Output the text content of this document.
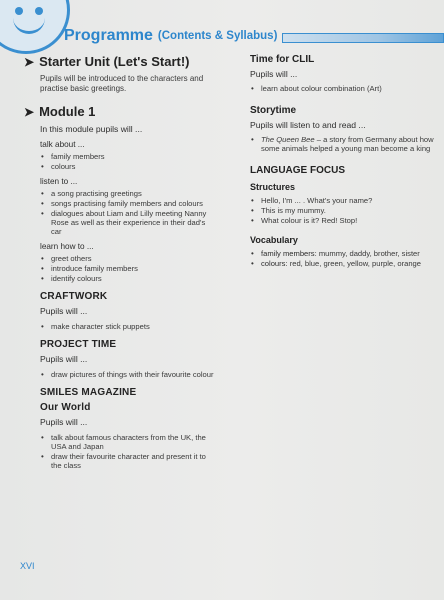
Programme (Contents & Syllabus)
➤ Starter Unit (Let's Start!)

Pupils will be introduced to the characters and practise basic greetings.

➤ Module 1
In this module pupils will ...
talk about ...
• family members
• colours
listen to ...
• a song practising greetings
• songs practising family members and colours
• dialogues about Liam and Lilly meeting Nanny Rose as well as their experience in their dad's car
learn how to ...
• greet others
• introduce family members
• identify colours
CRAFTWORK
Pupils will ...
• make character stick puppets
PROJECT TIME
Pupils will ...
• draw pictures of things with their favourite colour
SMILES MAGAZINE
Our World
Pupils will ...
• talk about famous characters from the UK, the USA and Japan
• draw their favourite character and present it to the class
Time for CLIL
Pupils will ...
• learn about colour combination (Art)
Storytime
Pupils will listen to and read ...
• The Queen Bee – a story from Germany about how some animals helped a young man become a king
LANGUAGE FOCUS
Structures
• Hello, I'm ... . What's your name?
• This is my mummy.
• What colour is it? Red! Stop!
Vocabulary
• family members: mummy, daddy, brother, sister
• colours: red, blue, green, yellow, purple, orange
XVI
